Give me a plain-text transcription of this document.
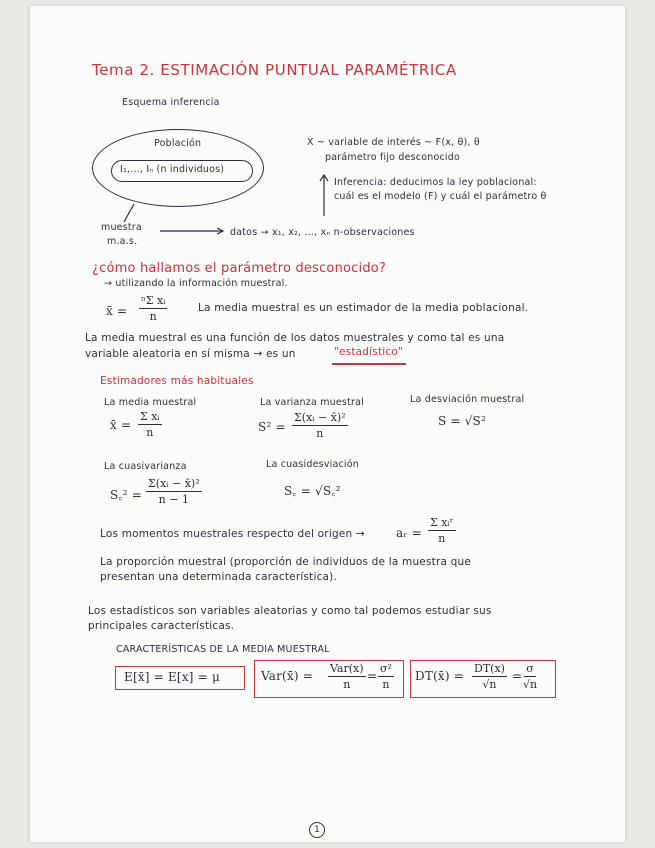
Tema 2. ESTIMACIÓN PUNTUAL PARAMÉTRICA
Esquema inferencia
Población
I₁,..., Iₙ (n individuos)
X ~ variable de interés ~ F(x, θ), θ
parámetro fijo desconocido
Inferencia: deducimos la ley poblacional:
cuál es el modelo (F) y cuál el parámetro θ
muestra
m.a.s.
datos → x₁, x₂, ..., xₙ n-observaciones
¿cómo hallamos el parámetro desconocido?
→ utilizando la información muestral.
x̄ = $\frac{\text{ⁿΣ xᵢ}}{n}$	La media muestral es un estimador de la media poblacional.
La media muestral es una función de los datos muestrales y como tal es una
variable aleatoria en sí misma → es un	"estadístico"
Estimadores más habituales
La media muestral
x̄ = $\frac{\text{Σ xᵢ}}{n}$
La varianza muestral
$S^2 = \frac{\text{Σ(xᵢ − x̄)²}}{n}$
La desviación muestral
S = √S²
La cuasivarianza
S꜀² = $\frac{\text{Σ(xᵢ − x̄)²}}{n - 1}$
La cuasidesviación
S꜀ = √S꜀²
Los momentos muestrales respecto del origen →	aᵣ =
Σ xᵢʳ
n
La proporción muestral (proporción de individuos de la muestra que
presentan una determinada característica).
Los estadísticos son variables aleatorias y como tal podemos estudiar sus
principales características.
CARACTERÍSTICAS DE LA MEDIA MUESTRAL
E[x̄] = E[x] = μ	Var(x̄) =
Var(x)
n
= $\frac{\text{σ²}}{n}$ DT(x̄) = $\frac{DT(x)}{√n} = \frac{\sigma}{√n}$
1
